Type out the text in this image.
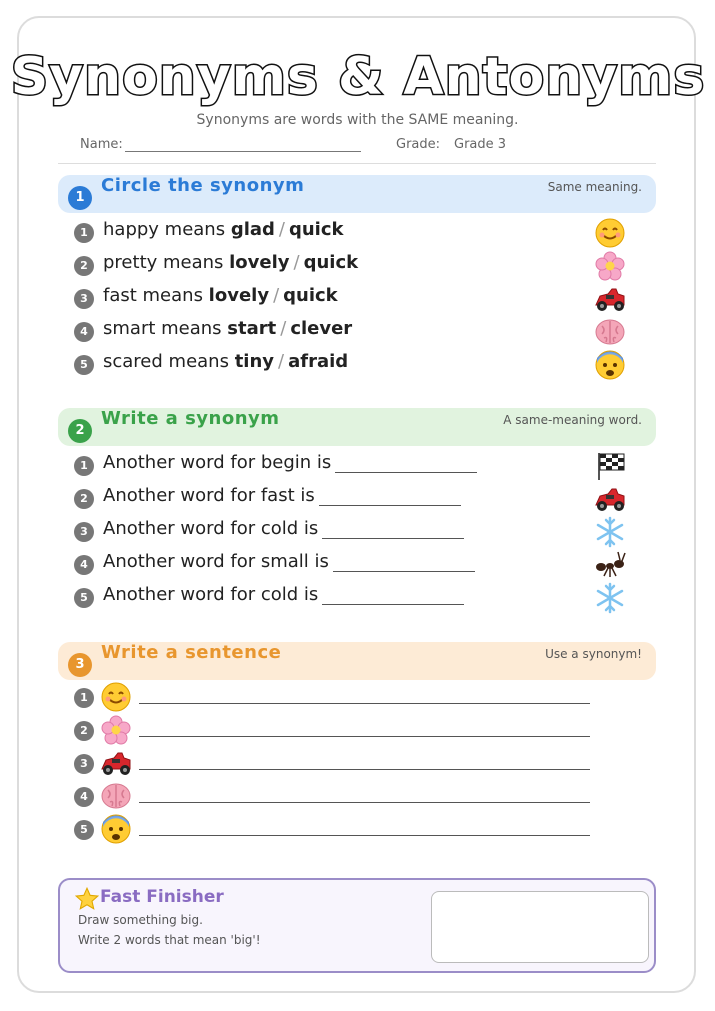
Synonyms & Antonyms
Synonyms are words with the SAME meaning.
Name:	Grade: Grade 3
1
Circle the synonym	Same meaning.
1 happy means glad / quick
2 pretty means lovely / quick
3 fast means lovely / quick
4 smart means start / clever
5 scared means tiny / afraid
2
Write a synonym	A same-meaning word.
1 Another word for begin is
2 Another word for fast is
3 Another word for cold is
4 Another word for small is
5 Another word for cold is
3
Write a sentence	Use a synonym!
1
2
3
4
5
Fast Finisher
Draw something big.
Write 2 words that mean 'big'!
